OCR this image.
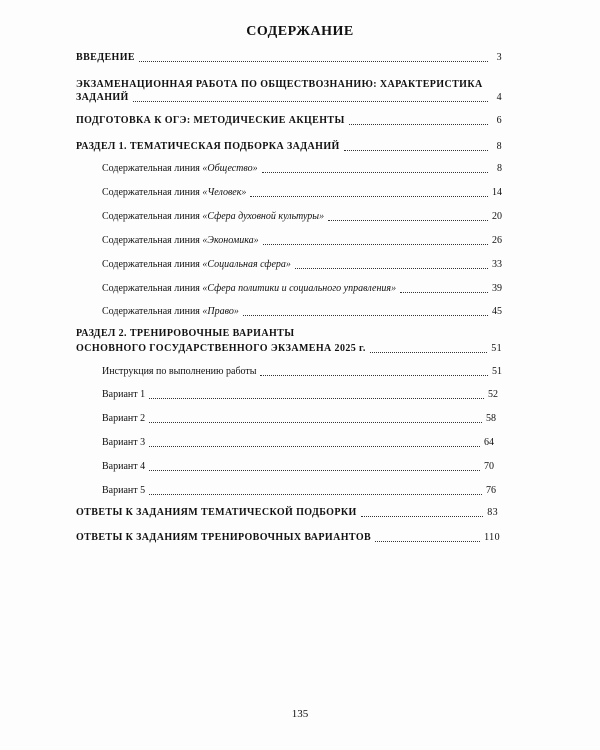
СОДЕРЖАНИЕ
ВВЕДЕНИЕ	3
ЭКЗАМЕНАЦИОННАЯ РАБОТА ПО ОБЩЕСТВОЗНАНИЮ: ХАРАКТЕРИСТИКА
ЗАДАНИЙ	4
ПОДГОТОВКА К ОГЭ: МЕТОДИЧЕСКИЕ АКЦЕНТЫ	6
РАЗДЕЛ 1. ТЕМАТИЧЕСКАЯ ПОДБОРКА ЗАДАНИЙ	8
Содержательная линия «Общество»	8
Содержательная линия «Человек»	14
Содержательная линия «Сфера духовной культуры»	20
Содержательная линия «Экономика»	26
Содержательная линия «Социальная сфера»	33
Содержательная линия «Сфера политики и социального управления»	39
Содержательная линия «Право»	45
РАЗДЕЛ 2. ТРЕНИРОВОЧНЫЕ ВАРИАНТЫ
ОСНОВНОГО ГОСУДАРСТВЕННОГО ЭКЗАМЕНА 2025 г.	51
Инструкция по выполнению работы	51
Вариант 1	52
Вариант 2	58
Вариант 3	64
Вариант 4	70
Вариант 5	76
ОТВЕТЫ К ЗАДАНИЯМ ТЕМАТИЧЕСКОЙ ПОДБОРКИ	83
ОТВЕТЫ К ЗАДАНИЯМ ТРЕНИРОВОЧНЫХ ВАРИАНТОВ	110
135
